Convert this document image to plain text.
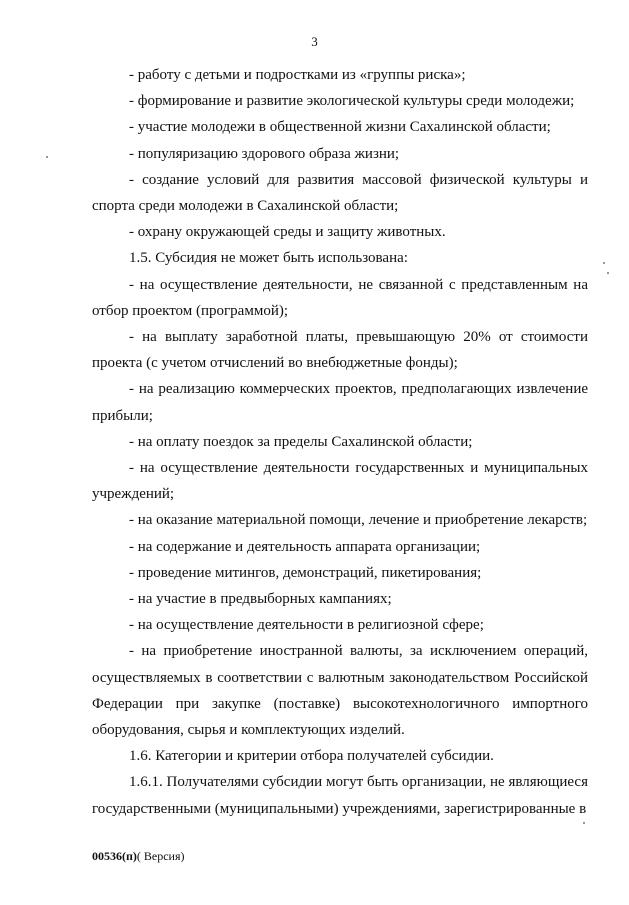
3

- работу с детьми и подростками из «группы риска»;

- формирование и развитие экологической культуры среди молодежи;

- участие молодежи в общественной жизни Сахалинской области;

- популяризацию здорового образа жизни;

- создание условий для развития массовой физической культуры и спорта среди молодежи в Сахалинской области;

- охрану окружающей среды и защиту животных.

1.5. Субсидия не может быть использована:

- на осуществление деятельности, не связанной с представленным на отбор проектом (программой);

- на выплату заработной платы, превышающую 20% от стоимости проекта (с учетом отчислений во внебюджетные фонды);

- на реализацию коммерческих проектов, предполагающих извлечение прибыли;

- на оплату поездок за пределы Сахалинской области;

- на осуществление деятельности государственных и муниципальных учреждений;

- на оказание материальной помощи, лечение и приобретение лекарств;

- на содержание и деятельность аппарата организации;

- проведение митингов, демонстраций, пикетирования;

- на участие в предвыборных кампаниях;

- на осуществление деятельности в религиозной сфере;

- на приобретение иностранной валюты, за исключением операций, осуществляемых в соответствии с валютным законодательством Российской Федерации при закупке (поставке) высокотехнологичного импортного оборудования, сырья и комплектующих изделий.

1.6. Категории и критерии отбора получателей субсидии.

1.6.1. Получателями субсидии могут быть организации, не являющиеся государственными (муниципальными) учреждениями, зарегистрированные в

00536(п)( Версия)
